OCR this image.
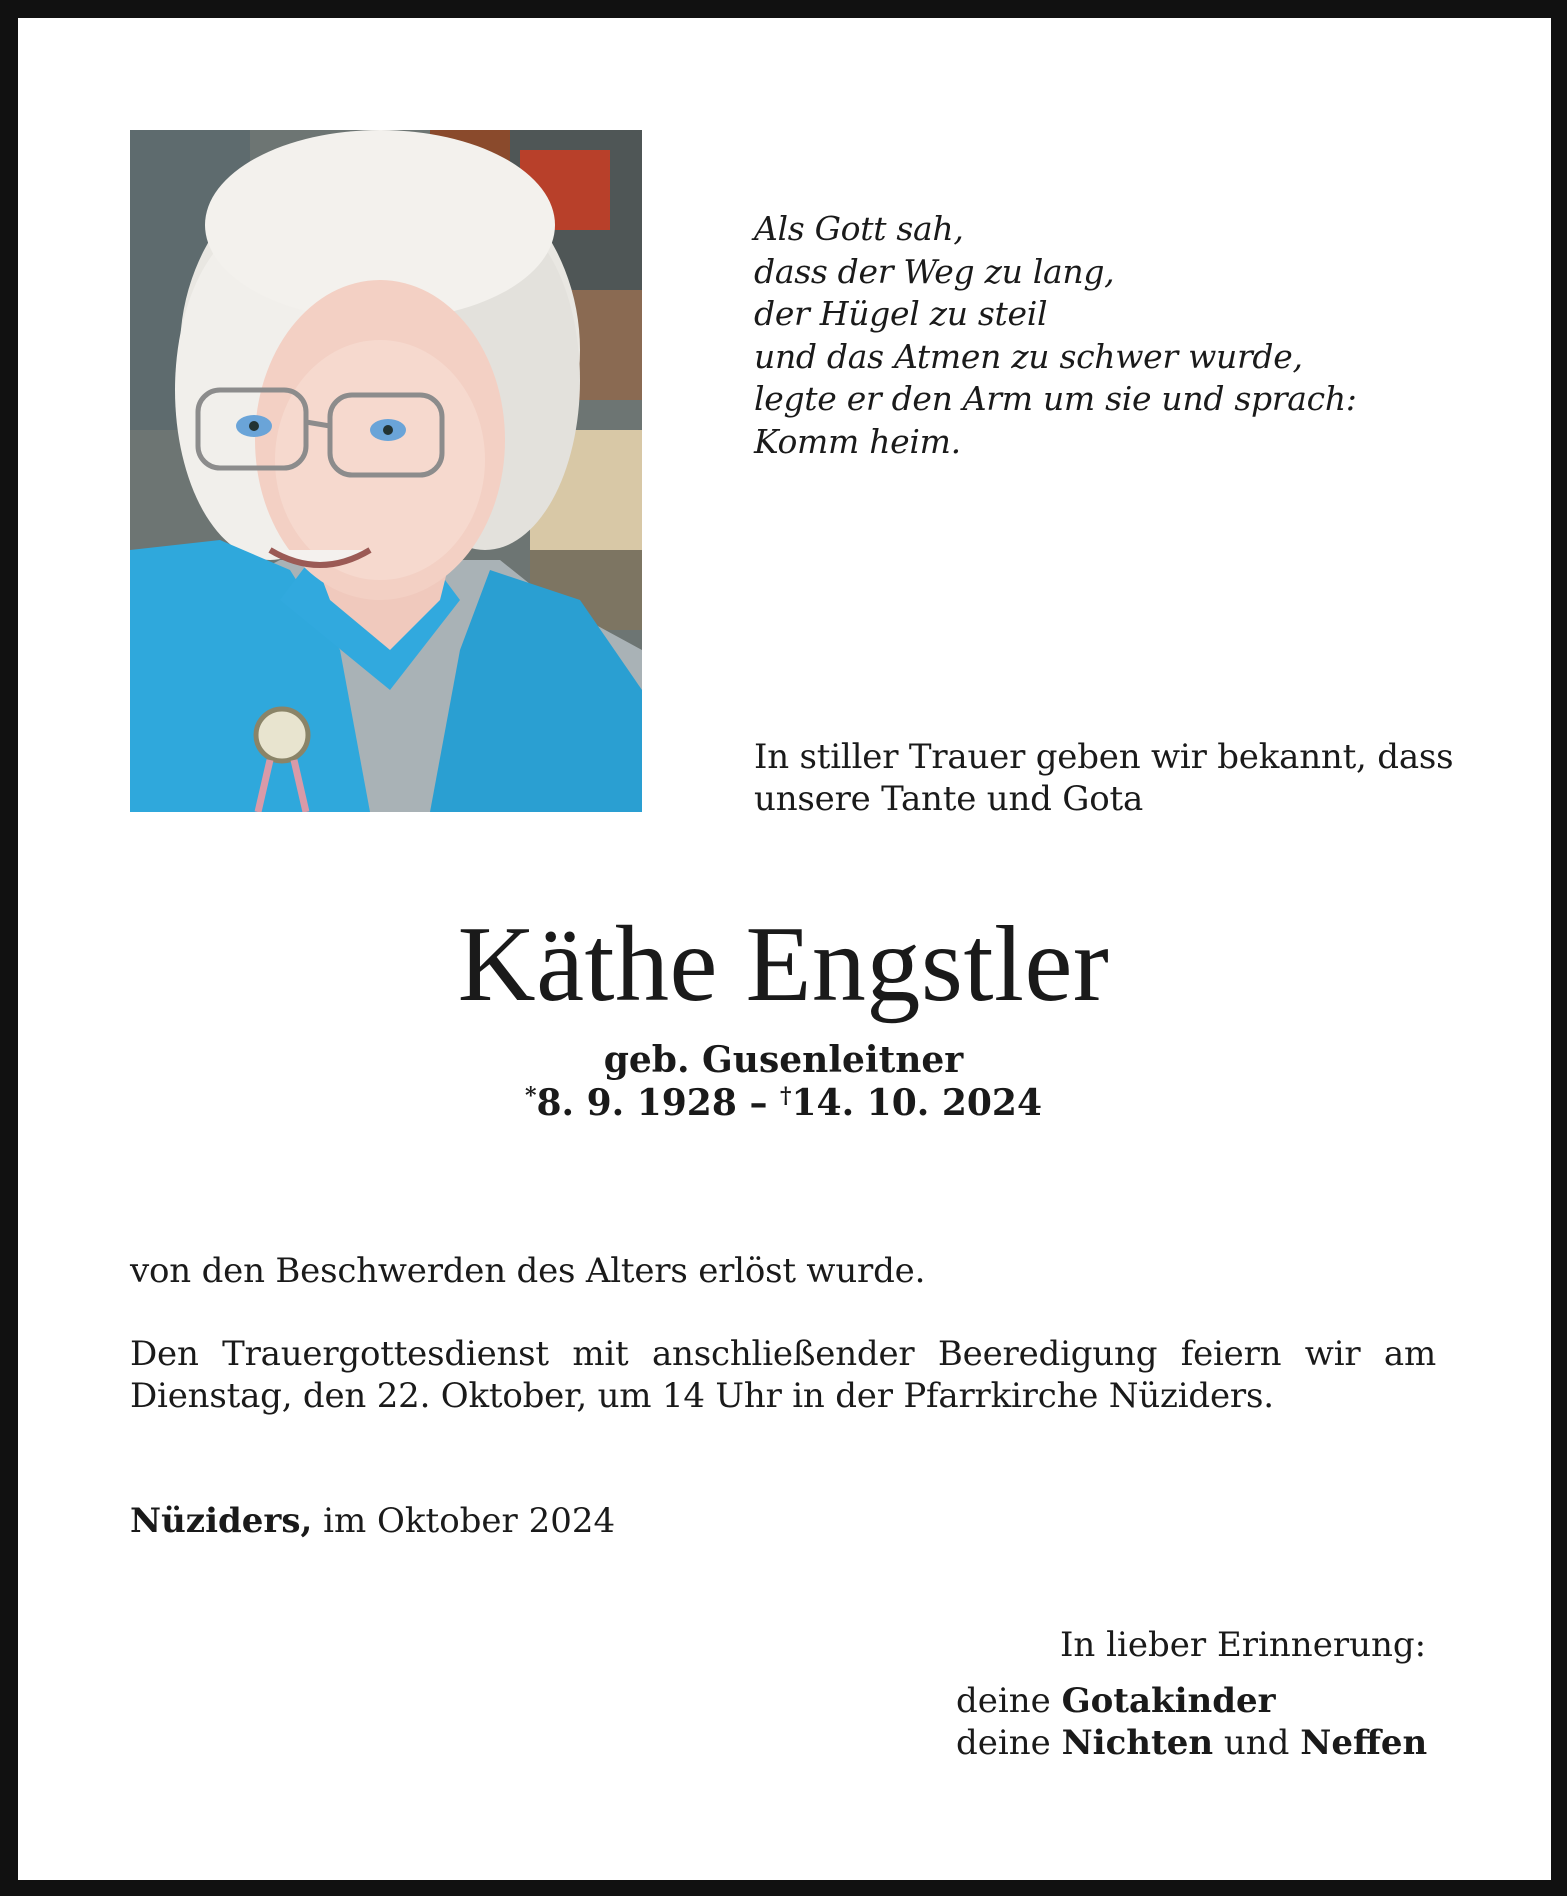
Als Gott sah,
dass der Weg zu lang,
der Hügel zu steil
und das Atmen zu schwer wurde,
legte er den Arm um sie und sprach:
Komm heim.
In stiller Trauer geben wir bekannt, dass
unsere Tante und Gota
Käthe Engstler
geb. Gusenleitner
*8. 9. 1928 – †14. 10. 2024
von den Beschwerden des Alters erlöst wurde.
Den Trauergottesdienst mit anschließender Beeredigung feiern wir am
Dienstag, den 22. Oktober, um 14 Uhr in der Pfarrkirche Nüziders.
Nüziders, im Oktober 2024
In lieber Erinnerung:
deine Gotakinder
deine Nichten und Neffen
